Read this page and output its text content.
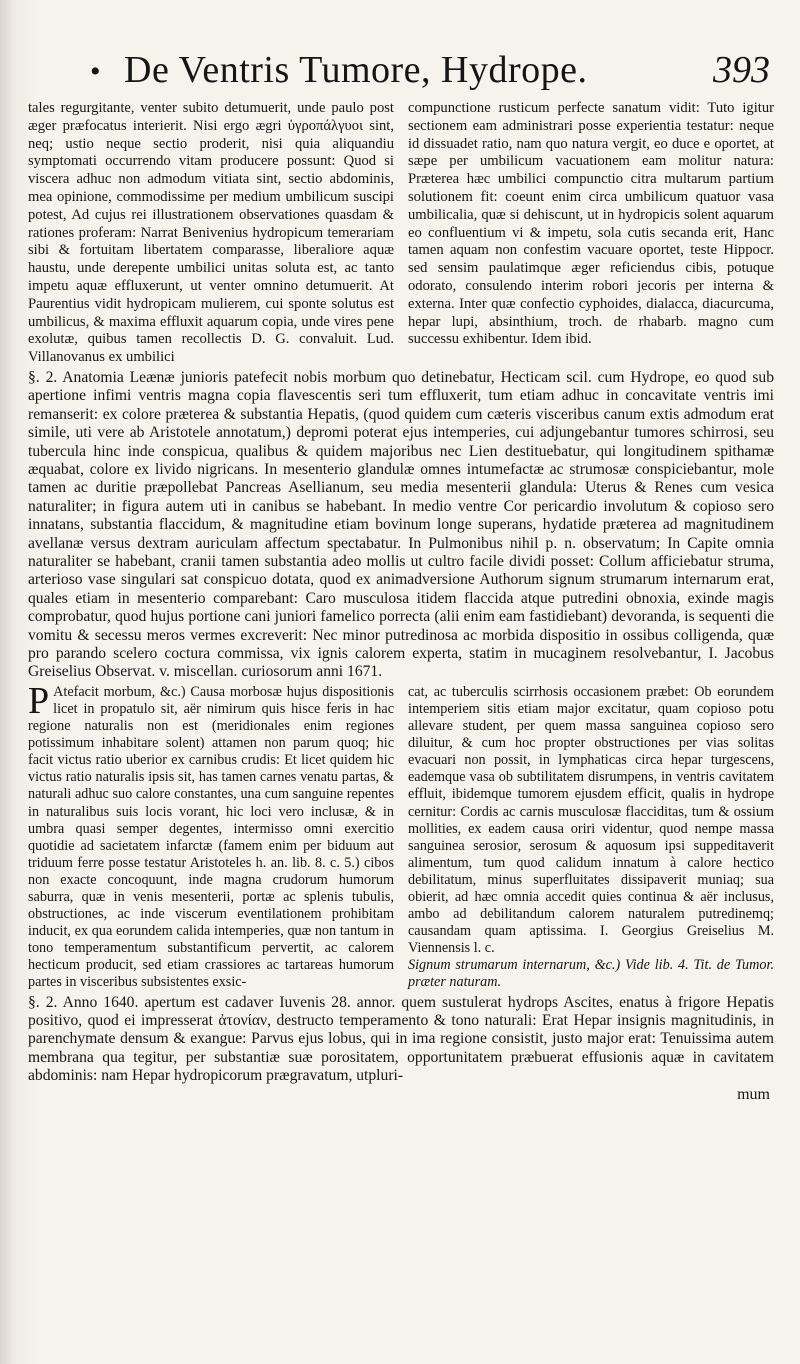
• De Ventris Tumore, Hydrope.	393

tales regurgitante, venter subito detumuerit, unde paulo post æger præfocatus interierit. Nisi ergo ægri ὑγροπάλγυοι sint, neq; ustio neque sectio proderit, nisi quia aliquandiu symptomati occurrendo vitam producere possunt: Quod si viscera adhuc non admodum vitiata sint, sectio abdominis, mea opinione, commodissime per medium umbilicum suscipi potest, Ad cujus rei illustrationem observationes quasdam & rationes proferam: Narrat Benivenius hydropicum temerariam sibi & fortuitam libertatem comparasse, liberaliore aquæ haustu, unde derepente umbilici unitas soluta est, ac tanto impetu aquæ effluxerunt, ut venter omnino detumuerit. At Paurentius vidit hydropicam mulierem, cui sponte solutus est umbilicus, & maxima effluxit aquarum copia, unde vires pene exolutæ, quibus tamen recollectis D. G. convaluit. Lud. Villanovanus ex umbilici

compunctione rusticum perfecte sanatum vidit: Tuto igitur sectionem eam administrari posse experientia testatur: neque id dissuadet ratio, nam quo natura vergit, eo duce e oportet, at sæpe per umbilicum vacuationem eam molitur natura: Præterea hæc umbilici compunctio citra multarum partium solutionem fit: coeunt enim circa umbilicum quatuor vasa umbilicalia, quæ si dehiscunt, ut in hydropicis solent aquarum eo confluentium vi & impetu, sola cutis secanda erit, Hanc tamen aquam non confestim vacuare oportet, teste Hippocr. sed sensim paulatimque æger reficiendus cibis, potuque odorato, consulendo interim robori jecoris per interna & externa. Inter quæ confectio cyphoides, dialacca, diacurcuma, hepar lupi, absinthium, troch. de rhabarb. magno cum successu exhibentur. Idem ibid.

§. 2. Anatomia Leænæ junioris patefecit nobis morbum quo detinebatur, Hecticam scil. cum Hydrope, eo quod sub apertione infimi ventris magna copia flavescentis seri tum effluxerit, tum etiam adhuc in concavitate ventris imi remanserit: ex colore præterea & substantia Hepatis, (quod quidem cum cæteris visceribus canum extis admodum erat simile, uti vere ab Aristotele annotatum,) depromi poterat ejus intemperies, cui adjungebantur tumores schirrosi, seu tubercula hinc inde conspicua, qualibus & quidem majoribus nec Lien destituebatur, qui longitudinem spithamæ æquabat, colore ex livido nigricans. In mesenterio glandulæ omnes intumefactæ ac strumosæ conspiciebantur, mole tamen ac duritie præpollebat Pancreas Asellianum, seu media mesenterii glandula: Uterus & Renes cum vesica naturaliter; in figura autem uti in canibus se habebant. In medio ventre Cor pericardio involutum & copioso sero innatans, substantia flaccidum, & magnitudine etiam bovinum longe superans, hydatide præterea ad magnitudinem avellanæ versus dextram auriculam affectum spectabatur. In Pulmonibus nihil p. n. observatum; In Capite omnia naturaliter se habebant, cranii tamen substantia adeo mollis ut cultro facile dividi posset: Collum afficiebatur struma, arterioso vase singulari sat conspicuo dotata, quod ex animadversione Authorum signum strumarum internarum erat, quales etiam in mesenterio comparebant: Caro musculosa itidem flaccida atque putredini obnoxia, exinde magis comprobatur, quod hujus portione cani juniori famelico porrecta (alii enim eam fastidiebant) devoranda, is sequenti die vomitu & secessu meros vermes excreverit: Nec minor putredinosa ac morbida dispositio in ossibus colligenda, quæ pro parando scelero coctura commissa, vix ignis calorem experta, statim in mucaginem resolvebantur, I. Jacobus Greiselius Observat. v. miscellan. curiosorum anni 1671.

P Atefacit morbum, &c.) Causa morbosæ hujus dispositionis licet in propatulo sit, aër nimirum quis hisce feris in hac regione naturalis non est (meridionales enim regiones potissimum inhabitare solent) attamen non parum quoq; hic facit victus ratio uberior ex carnibus crudis: Et licet quidem hic victus ratio naturalis ipsis sit, has tamen carnes venatu partas, & naturali adhuc suo calore constantes, una cum sanguine repentes in naturalibus suis locis vorant, hic loci vero inclusæ, & in umbra quasi semper degentes, intermisso omni exercitio quotidie ad sacietatem infarctæ (famem enim per biduum aut triduum ferre posse testatur Aristoteles h. an. lib. 8. c. 5.) cibos non exacte concoquunt, inde magna crudorum humorum saburra, quæ in venis mesenterii, portæ ac splenis tubulis, obstructiones, ac inde viscerum eventilationem prohibitam inducit, ex qua eorundem calida intemperies, quæ non tantum in tono temperamentum substantificum pervertit, ac calorem hecticum producit, sed etiam crassiores ac tartareas humorum partes in visceribus subsistentes exsic-

cat, ac tuberculis scirrhosis occasionem præbet: Ob eorundem intemperiem sitis etiam major excitatur, quam copioso potu allevare student, per quem massa sanguinea copioso sero diluitur, & cum hoc propter obstructiones per vias solitas evacuari non possit, in lymphaticas circa hepar turgescens, eademque vasa ob subtilitatem disrumpens, in ventris cavitatem effluit, ibidemque tumorem ejusdem efficit, qualis in hydrope cernitur: Cordis ac carnis musculosæ flacciditas, tum & ossium mollities, ex eadem causa oriri videntur, quod nempe massa sanguinea serosior, serosum & aquosum ipsi suppeditaverit alimentum, tum quod calidum innatum à calore hectico debilitatum, minus superfluitates dissipaverit muniaq; sua obierit, ad hæc omnia accedit quies continua & aër inclusus, ambo ad debilitandum calorem naturalem putredinemq; causandam quam aptissima. I. Georgius Greiselius M. Viennensis l. c.

Signum strumarum internarum, &c.) Vide lib. 4. Tit. de Tumor. præter naturam.

§. 2. Anno 1640. apertum est cadaver Iuvenis 28. annor. quem sustulerat hydrops Ascites, enatus à frigore Hepatis positivo, quod ei impresserat ἀτονίαν, destructo temperamento & tono naturali: Erat Hepar insignis magnitudinis, in parenchymate densum & exangue: Parvus ejus lobus, qui in ima regione consistit, justo major erat: Tenuissima autem membrana qua tegitur, per substantiæ suæ porositatem, opportunitatem præbuerat effusionis aquæ in cavitatem abdominis: nam Hepar hydropicorum prægravatum, utpluri-

mum
